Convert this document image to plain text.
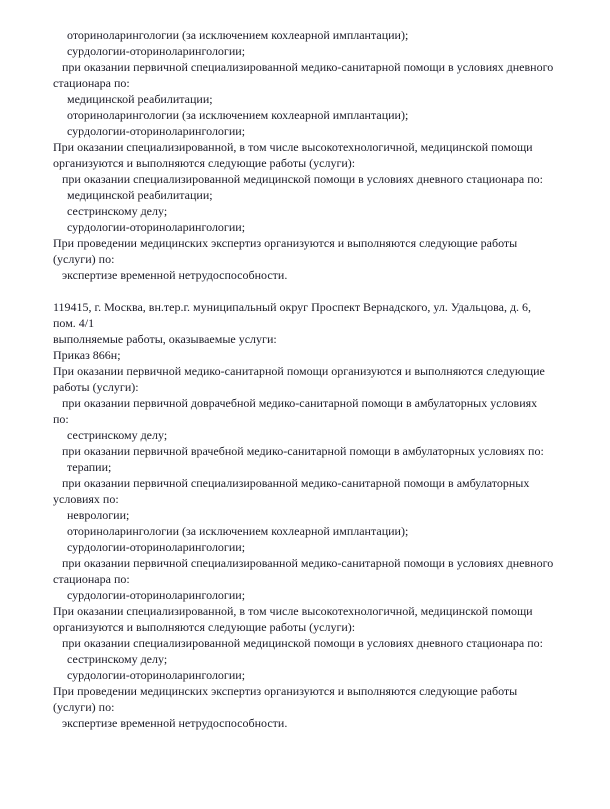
оториноларингологии (за исключением кохлеарной имплантации);

сурдологии-оториноларингологии;

при оказании первичной специализированной медико-санитарной помощи в условиях дневного
стационара по:

медицинской реабилитации;

оториноларингологии (за исключением кохлеарной имплантации);

сурдологии-оториноларингологии;

При оказании специализированной, в том числе высокотехнологичной, медицинской помощи
организуются и выполняются следующие работы (услуги):

при оказании специализированной медицинской помощи в условиях дневного стационара по:

медицинской реабилитации;

сестринскому делу;

сурдологии-оториноларингологии;

При проведении медицинских экспертиз организуются и выполняются следующие работы
(услуги) по:

экспертизе временной нетрудоспособности.

119415, г. Москва, вн.тер.г. муниципальный округ Проспект Вернадского, ул. Удальцова, д. 6,
пом. 4/1

выполняемые работы, оказываемые услуги:

Приказ 866н;

При оказании первичной медико-санитарной помощи организуются и выполняются следующие
работы (услуги):

при оказании первичной доврачебной медико-санитарной помощи в амбулаторных условиях
по:

сестринскому делу;

при оказании первичной врачебной медико-санитарной помощи в амбулаторных условиях по:

терапии;

при оказании первичной специализированной медико-санитарной помощи в амбулаторных
условиях по:

неврологии;

оториноларингологии (за исключением кохлеарной имплантации);

сурдологии-оториноларингологии;

при оказании первичной специализированной медико-санитарной помощи в условиях дневного
стационара по:

сурдологии-оториноларингологии;

При оказании специализированной, в том числе высокотехнологичной, медицинской помощи
организуются и выполняются следующие работы (услуги):

при оказании специализированной медицинской помощи в условиях дневного стационара по:

сестринскому делу;

сурдологии-оториноларингологии;

При проведении медицинских экспертиз организуются и выполняются следующие работы
(услуги) по:

экспертизе временной нетрудоспособности.
